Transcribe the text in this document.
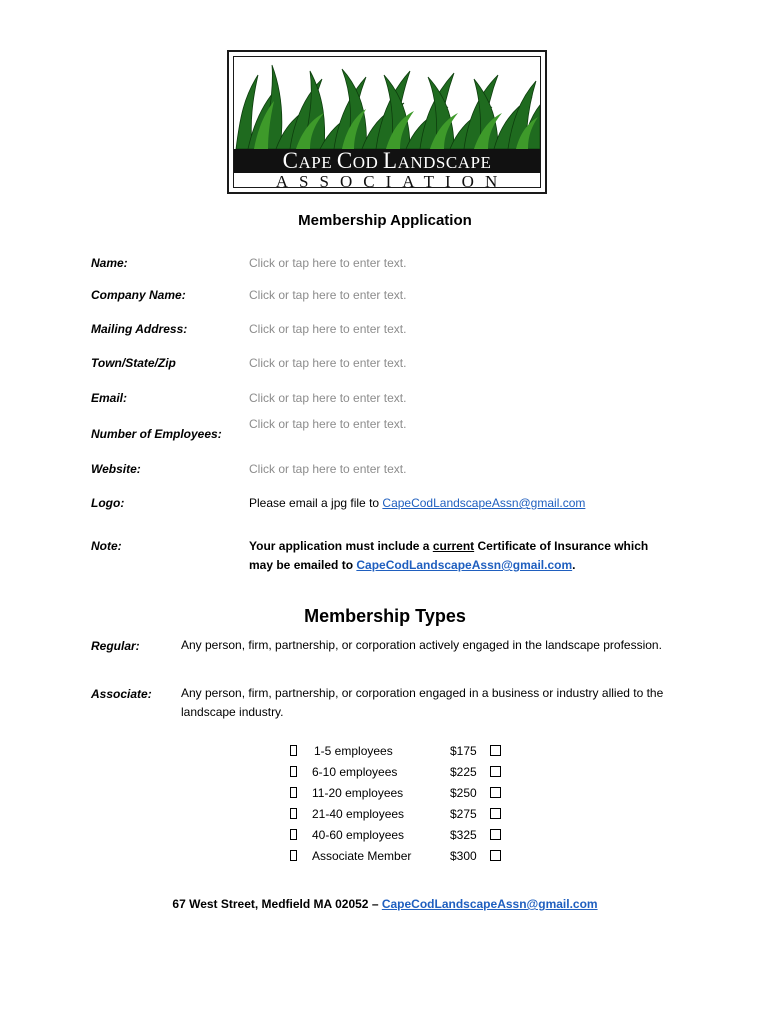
CAPE COD LANDSCAPE
ASSOCIATION
Membership Application
Name:	Click or tap here to enter text.
Company Name:	Click or tap here to enter text.
Mailing Address:	Click or tap here to enter text.
Town/State/Zip	Click or tap here to enter text.
Email:	Click or tap here to enter text.
Number of Employees:
Click or tap here to enter text.
Website:	Click or tap here to enter text.
Logo:	Please email a jpg file to CapeCodLandscapeAssn@gmail.com
Note:	Your application must include a current Certificate of Insurance which may be emailed to CapeCodLandscapeAssn@gmail.com.
Membership Types
Regular:	Any person, firm, partnership, or corporation actively engaged in the landscape profession.
Associate: Any person, firm, partnership, or corporation engaged in a business or industry allied to the landscape industry.
1-5 employees	$175
6-10 employees	$225
11-20 employees	$250
21-40 employees	$275
40-60 employees	$325
Associate Member	$300
67 West Street, Medfield MA 02052 – CapeCodLandscapeAssn@gmail.com
